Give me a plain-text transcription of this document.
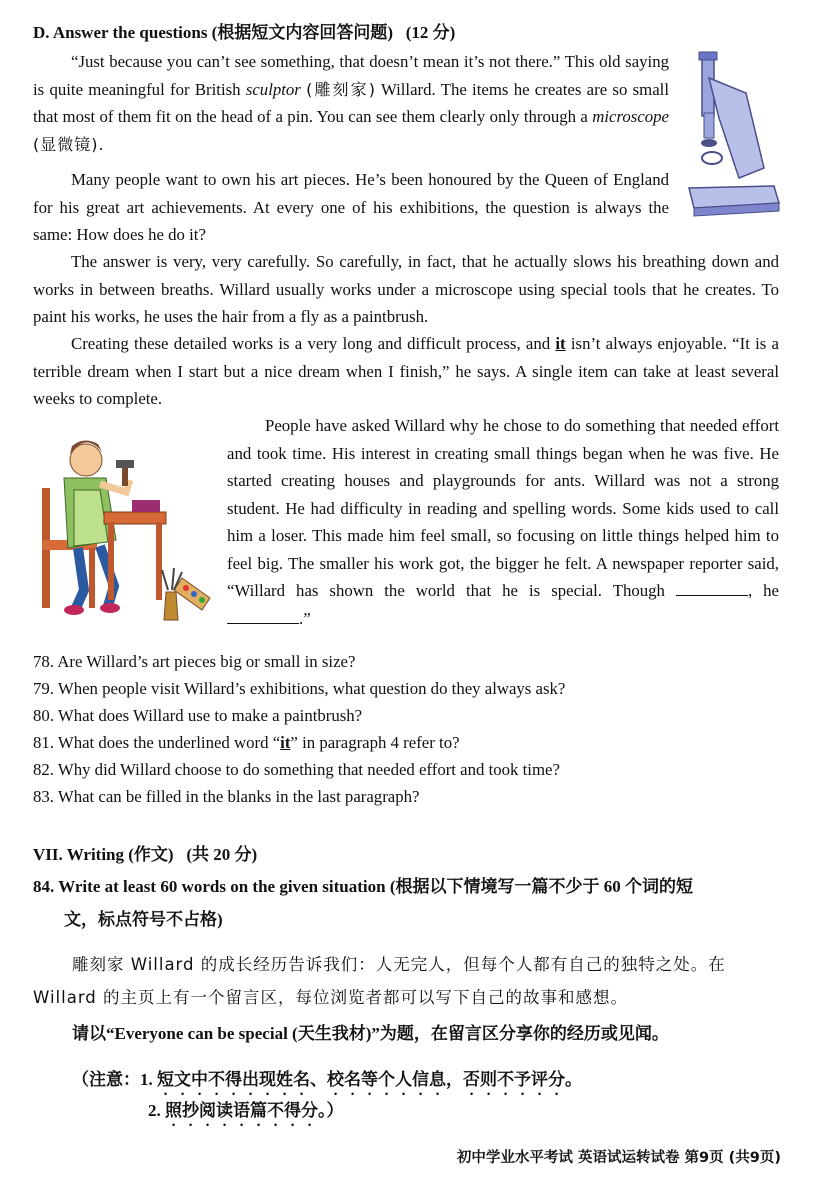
D. Answer the questions (根据短文内容回答问题) (12 分)
“Just because you can’t see something, that doesn’t mean it’s not there.” This old saying is quite meaningful for British sculptor (雕刻家) Willard. The items he creates are so small that most of them fit on the head of a pin. You can see them clearly only through a microscope (显微镜).
Many people want to own his art pieces. He’s been honoured by the Queen of England for his great art achievements. At every one of his exhibitions, the question is always the same: How does he do it?
The answer is very, very carefully. So carefully, in fact, that he actually slows his breathing down and works in between breaths. Willard usually works under a microscope using special tools that he creates. To paint his works, he uses the hair from a fly as a paintbrush.
Creating these detailed works is a very long and difficult process, and it isn’t always enjoyable. “It is a terrible dream when I start but a nice dream when I finish,” he says. A single item can take at least several weeks to complete.
People have asked Willard why he chose to do something that needed effort and took time. His interest in creating small things began when he was five. He started creating houses and playgrounds for ants. Willard was not a strong student. He had difficulty in reading and spelling words. Some kids used to call him a loser. This made him feel small, so focusing on little things helped him to feel big. The smaller his work got, the bigger he felt. A newspaper reporter said, “Willard has shown the world that he is special. Though	, he .”
78. Are Willard’s art pieces big or small in size?
79. When people visit Willard’s exhibitions, what question do they always ask?
80. What does Willard use to make a paintbrush?
81. What does the underlined word “it” in paragraph 4 refer to?
82. Why did Willard choose to do something that needed effort and took time?
83. What can be filled in the blanks in the last paragraph?
VII. Writing (作文) (共 20 分)
84. Write at least 60 words on the given situation (根据以下情境写一篇不少于 60 个词的短
文，标点符号不占格)
雕刻家 Willard 的成长经历告诉我们：人无完人，但每个人都有自己的独特之处。在
Willard 的主页上有一个留言区，每位浏览者都可以写下自己的故事和感想。
请以“Everyone can be special (天生我材)”为题，在留言区分享你的经历或见闻。
（注意：1. 短文中不得出现姓名、校名等个人信息，否则不予评分。
2. 照抄阅读语篇不得分。）
初中学业水平考试 英语试运转试卷 第9页 (共9页)
